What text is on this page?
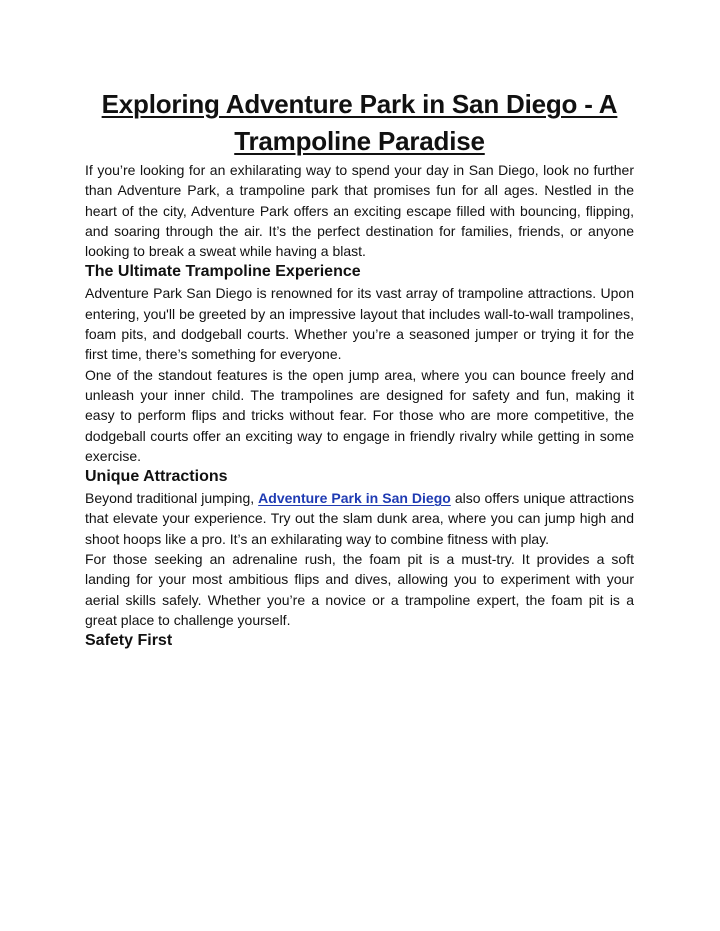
Exploring Adventure Park in San Diego - A
Trampoline Paradise

If you’re looking for an exhilarating way to spend your day in San Diego, look no further than Adventure Park, a trampoline park that promises fun for all ages. Nestled in the heart of the city, Adventure Park offers an exciting escape filled with bouncing, flipping, and soaring through the air. It’s the perfect destination for families, friends, or anyone looking to break a sweat while having a blast.

The Ultimate Trampoline Experience

Adventure Park San Diego is renowned for its vast array of trampoline attractions. Upon entering, you'll be greeted by an impressive layout that includes wall-to-wall trampolines, foam pits, and dodgeball courts. Whether you’re a seasoned jumper or trying it for the first time, there’s something for everyone.

One of the standout features is the open jump area, where you can bounce freely and unleash your inner child. The trampolines are designed for safety and fun, making it easy to perform flips and tricks without fear. For those who are more competitive, the dodgeball courts offer an exciting way to engage in friendly rivalry while getting in some exercise.

Unique Attractions

Beyond traditional jumping, Adventure Park in San Diego also offers unique attractions that elevate your experience. Try out the slam dunk area, where you can jump high and shoot hoops like a pro. It’s an exhilarating way to combine fitness with play.

For those seeking an adrenaline rush, the foam pit is a must-try. It provides a soft landing for your most ambitious flips and dives, allowing you to experiment with your aerial skills safely. Whether you’re a novice or a trampoline expert, the foam pit is a great place to challenge yourself.

Safety First
